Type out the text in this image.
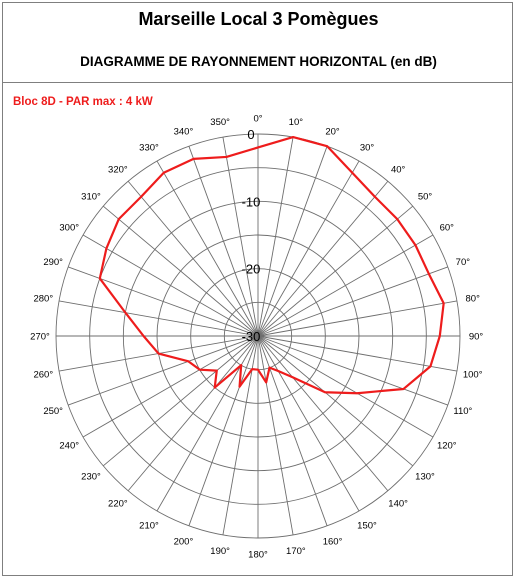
Marseille Local 3 Pomègues
DIAGRAMME DE RAYONNEMENT HORIZONTAL (en dB)
Bloc 8D - PAR max : 4 kW
0°	10°
20°
30°
40°
50°
60°
70°
80°
90°
100°
110°
120°
130°
140°
150°
160°
170°
180°
190°
200°
210°
220°
230°
240°
250°
260°
270°
280°
290°
300°
310°
320°
330°
340°
350°
0
-10
-20
-30
